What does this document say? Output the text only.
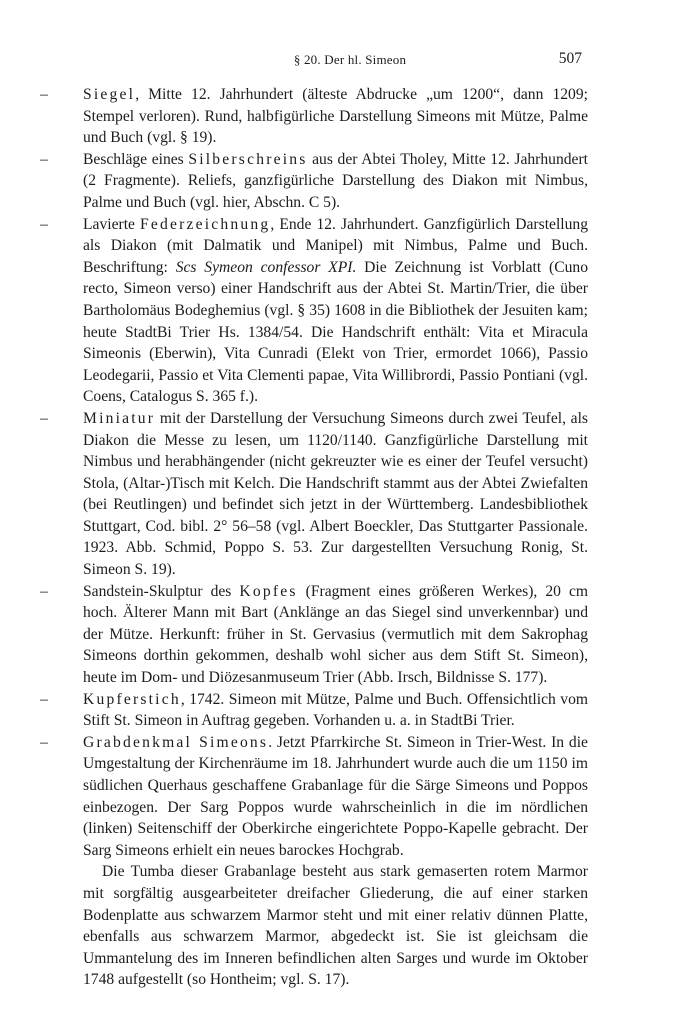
§ 20. Der hl. Simeon	507

–	Siegel, Mitte 12. Jahrhundert (älteste Abdrucke „um 1200“, dann 1209; Stempel verloren). Rund, halbfigürliche Darstellung Simeons mit Mütze, Palme und Buch (vgl. § 19).

–	Beschläge eines Silberschreins aus der Abtei Tholey, Mitte 12. Jahrhundert (2 Fragmente). Reliefs, ganzfigürliche Darstellung des Diakon mit Nimbus, Palme und Buch (vgl. hier, Abschn. C 5).

–	Lavierte Federzeichnung, Ende 12. Jahrhundert. Ganzfigürlich Darstellung als Diakon (mit Dalmatik und Manipel) mit Nimbus, Palme und Buch. Beschriftung: Scs Symeon confessor XPI. Die Zeichnung ist Vorblatt (Cuno recto, Simeon verso) einer Handschrift aus der Abtei St. Martin/Trier, die über Bartholomäus Bodeghemius (vgl. § 35) 1608 in die Bibliothek der Jesuiten kam; heute StadtBi Trier Hs. 1384/54. Die Handschrift enthält: Vita et Miracula Simeonis (Eberwin), Vita Cunradi (Elekt von Trier, ermordet 1066), Passio Leodegarii, Passio et Vita Clementi papae, Vita Willibrordi, Passio Pontiani (vgl. Coens, Catalogus S. 365 f.).

–	Miniatur mit der Darstellung der Versuchung Simeons durch zwei Teufel, als Diakon die Messe zu lesen, um 1120/1140. Ganzfigürliche Darstellung mit Nimbus und herabhängender (nicht gekreuzter wie es einer der Teufel versucht) Stola, (Altar-)Tisch mit Kelch. Die Handschrift stammt aus der Abtei Zwiefalten (bei Reutlingen) und befindet sich jetzt in der Württemberg. Landesbibliothek Stuttgart, Cod. bibl. 2° 56–58 (vgl. Albert Boeckler, Das Stuttgarter Passionale. 1923. Abb. Schmid, Poppo S. 53. Zur dargestellten Versuchung Ronig, St. Simeon S. 19).

–	Sandstein-Skulptur des Kopfes (Fragment eines größeren Werkes), 20 cm hoch. Älterer Mann mit Bart (Anklänge an das Siegel sind unverkennbar) und der Mütze. Herkunft: früher in St. Gervasius (vermutlich mit dem Sakrophag Simeons dorthin gekommen, deshalb wohl sicher aus dem Stift St. Simeon), heute im Dom- und Diözesanmuseum Trier (Abb. Irsch, Bildnisse S. 177).

–	Kupferstich, 1742. Simeon mit Mütze, Palme und Buch. Offensichtlich vom Stift St. Simeon in Auftrag gegeben. Vorhanden u. a. in StadtBi Trier.

–	Grabdenkmal Simeons. Jetzt Pfarrkirche St. Simeon in Trier-West. In die Umgestaltung der Kirchenräume im 18. Jahrhundert wurde auch die um 1150 im südlichen Querhaus geschaffene Grabanlage für die Särge Simeons und Poppos einbezogen. Der Sarg Poppos wurde wahrscheinlich in die im nördlichen (linken) Seitenschiff der Oberkirche eingerichtete Poppo-Kapelle gebracht. Der Sarg Simeons erhielt ein neues barockes Hochgrab.

Die Tumba dieser Grabanlage besteht aus stark gemaserten rotem Marmor mit sorgfältig ausgearbeiteter dreifacher Gliederung, die auf einer starken Bodenplatte aus schwarzem Marmor steht und mit einer relativ dünnen Platte, ebenfalls aus schwarzem Marmor, abgedeckt ist. Sie ist gleichsam die Ummantelung des im Inneren befindlichen alten Sarges und wurde im Oktober 1748 aufgestellt (so Hontheim; vgl. S. 17).
